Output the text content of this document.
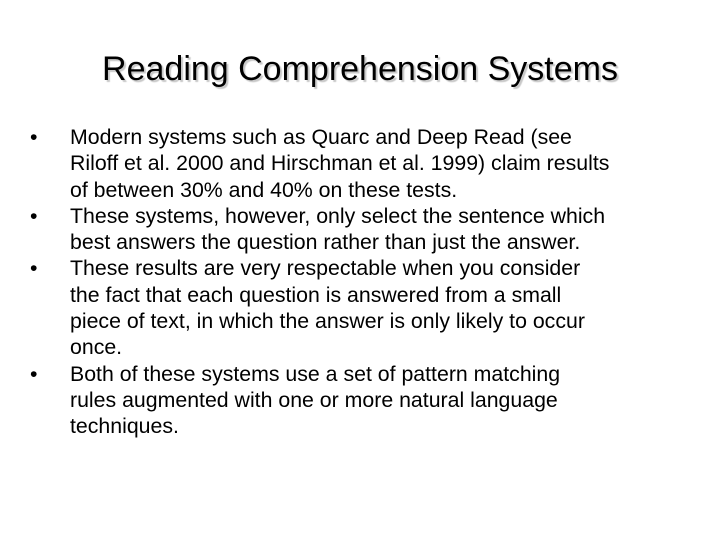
Reading Comprehension Systems
•	Modern systems such as Quarc and Deep Read (see
Riloff et al. 2000 and Hirschman et al. 1999) claim results
of between 30% and 40% on these tests.
•	These systems, however, only select the sentence which
best answers the question rather than just the answer.
•	These results are very respectable when you consider
the fact that each question is answered from a small
piece of text, in which the answer is only likely to occur
once.
•	Both of these systems use a set of pattern matching
rules augmented with one or more natural language
techniques.
